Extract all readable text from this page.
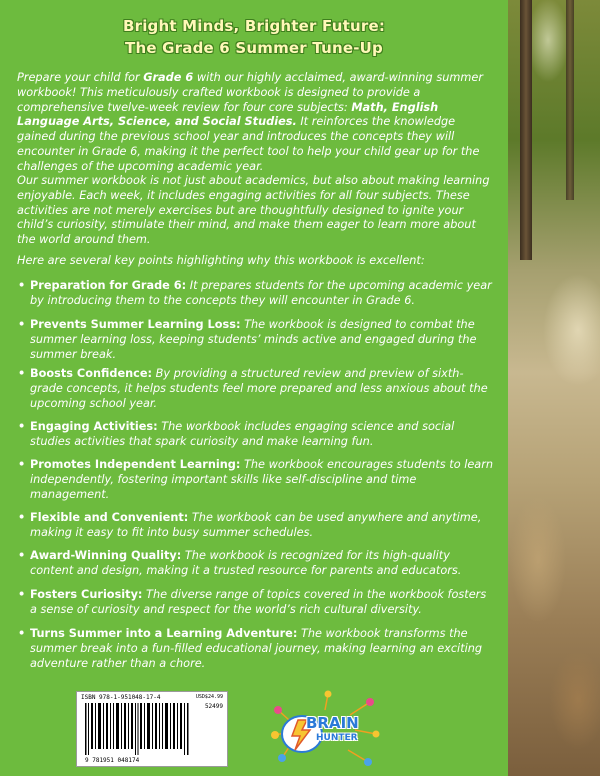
Bright Minds, Brighter Future:
The Grade 6 Summer Tune-Up

Prepare your child for Grade 6 with our highly acclaimed, award-winning summer workbook! This meticulously crafted workbook is designed to provide a comprehensive twelve-week review for four core subjects: Math, English Language Arts, Science, and Social Studies. It reinforces the knowledge gained during the previous school year and introduces the concepts they will encounter in Grade 6, making it the perfect tool to help your child gear up for the challenges of the upcoming academic year.

Our summer workbook is not just about academics, but also about making learning enjoyable. Each week, it includes engaging activities for all four subjects. These activities are not merely exercises but are thoughtfully designed to ignite your child’s curiosity, stimulate their mind, and make them eager to learn more about the world around them.

Here are several key points highlighting why this workbook is excellent:

• Preparation for Grade 6: It prepares students for the upcoming academic year by introducing them to the concepts they will encounter in Grade 6.
• Prevents Summer Learning Loss: The workbook is designed to combat the summer learning loss, keeping students’ minds active and engaged during the summer break.
• Boosts Confidence: By providing a structured review and preview of sixth-grade concepts, it helps students feel more prepared and less anxious about the upcoming school year.
• Engaging Activities: The workbook includes engaging science and social studies activities that spark curiosity and make learning fun.
• Promotes Independent Learning: The workbook encourages students to learn independently, fostering important skills like self-discipline and time management.
• Flexible and Convenient: The workbook can be used anywhere and anytime, making it easy to fit into busy summer schedules.
• Award-Winning Quality: The workbook is recognized for its high-quality content and design, making it a trusted resource for parents and educators.
• Fosters Curiosity: The diverse range of topics covered in the workbook fosters a sense of curiosity and respect for the world’s rich cultural diversity.
• Turns Summer into a Learning Adventure: The workbook transforms the summer break into a fun-filled educational journey, making learning an exciting adventure rather than a chore.
ISBN 978-1-951048-17-4	USD$24.99
52499
9 781951 048174
BRAIN
HUNTER
